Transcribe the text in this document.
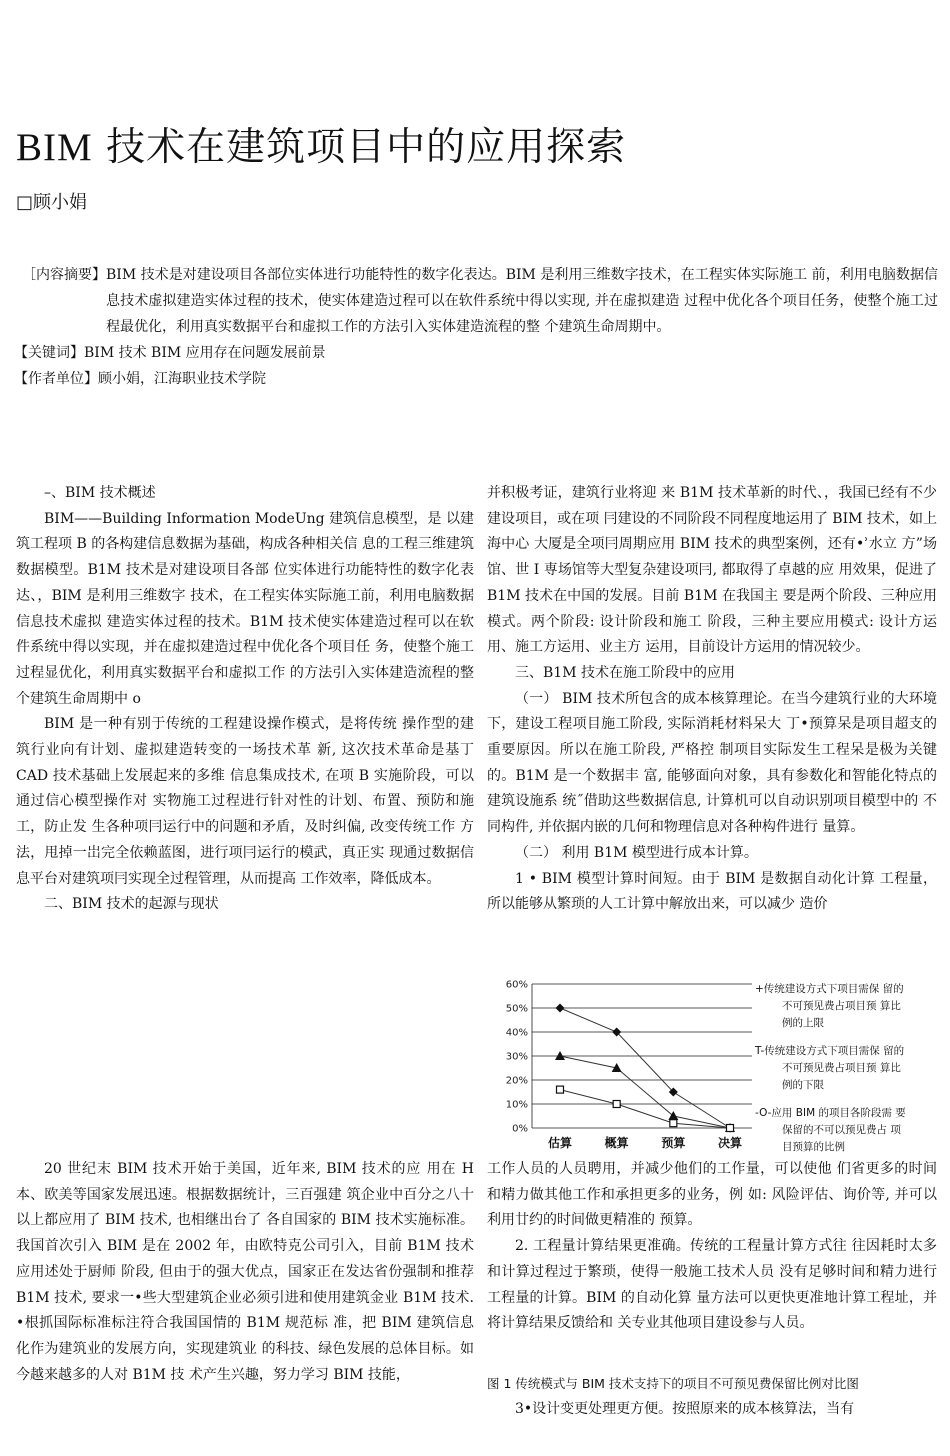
BIM 技术在建筑项目中的应用探索
□顾小娟
［内容摘要】 BIM 技术是对建设项目各部位实体进行功能特性的数字化表达。BIM 是利用三维数字技术，在工程实体实际施工 前，利用电脑数据信息技术虚拟建造实体过程的技术，使实体建造过程可以在软件系统中得以实现, 并在虚拟建造 过程中优化各个项目任务，使整个施工过程最优化，利用真实数据平台和虚拟工作的方法引入实体建造流程的整 个建筑生命周期中。
【关键词】 BIM 技术 BIM 应用存在问题发展前景
【作者单位】 顾小娟，江海职业技术学院

–、BIM 技术概述

BIM——Building Information ModeUng 建筑信息模型，是 以建筑工程项 B 的各构建信息数据为基础，构成各种相关信 息的工程三维建筑数据模型。B1M 技术是对建设项目各部 位实体进行功能特性的数字化表达、，BIM 是利用三维数字 技术，在工程实体实际施工前，利用电脑数据信息技术虚拟 建造实体过程的技术。B1M 技术使实体建造过程可以在软 件系统中得以实现，并在虚拟建造过程中优化各个项目任 务，使整个施工过程显优化，利用真实数据平台和虚拟工作 的方法引入实体建造流程的整个建筑生命周期中 o

BIM 是一种有别于传统的工程建设操作模式，是将传统 操作型的建筑行业向有计划、虚拟建造转变的一场技术革 新, 这次技术革命是基丁 CAD 技术基础上发展起来的多维 信息集成技术, 在项 B 实施阶段，可以通过信心模型操作对 实物施工过程进行针对性的计划、布置、预防和施工，防止发 生各种项冃运行中的问题和矛盾，及时纠偏, 改变传统工作 方法，甩掉一岀完全依赖蓝图，进行项冃运行的模武，真正实 现通过数据信息平台对建筑项冃实现全过程管理，从而提高 工作效率，降低成本。

二、BIM 技术的起源与现状

并积极考证，建筑行业将迎 来 B1M 技术革新的时代、，我国已经有不少建设项目，或在项 冃建设的不同阶段不同程度地运用了 BIM 技术，如上海中心 大厦是全项冃周期应用 BIM 技术的典型案例，还有•ʾ水立 方”场馆、世 I 専场馆等大型复杂建设项冃, 都取得了卓越的应 用效果，促进了 B1M 技术在中国的发展。目前 B1M 在我国主 要是两个阶段、三种应用模式。两个阶段: 设计阶段和施工 阶段，三种主要应用模式: 设计方运用、施工方运用、业主方 运用，目前设计方运用的情况较少。

三、B1M 技术在施工阶段中的应用

（一） BIM 技术所包含的成本核算理论。在当今建筑行业的大环境下，建设工程项目施工阶段, 实际消耗材料呆大 丁•预算呆是项目超支的重要原因。所以在施工阶段, 严格控 制项目实际发生工程呆是极为关键的。B1M 是一个数据丰 富, 能够面向对象，具有参数化和智能化特点的建筑设施系 统˝借助这些数据信息, 计算机可以自动识别项目模型中的 不同构件, 并依据内嵌的几何和物理信息对各种构件进行 量算。

（二） 利用 B1M 模型进行成本计算。

1 • BIM 模型计算时间短。由于 BIM 是数据自动化计算 工程量，所以能够从繁琐的人工计算中解放出来，可以减少 造价

0%
10%
20%
30%
40%
50%
60%
估算	概算	预算	决算
+传统建设方式下项目需保 留的
不可预见费占项目预 算比
例的上限
T-传统建设方式下项目需保 留的
不可预见费占项目预 算比
例的下限
-O-应用 BIM 的项目各阶段需 要
保留的不可以预见费占 项
目预算的比例

20 世纪末 BIM 技术开始于美国，近年来, BIM 技术的应 用在 H 本、欧美等国家发展迅速。根据数据统计，三百强建 筑企业中百分之八十以上都应用了 BIM 技术, 也相继出台了 各自国家的 BIM 技术实施标准。我国首次引入 BIM 是在 2002 年，由欧特克公司引入，目前 B1M 技术应用述处于厨师 阶段, 但由于的强大优点，国家正在发达省份强制和推荐 B1M 技术, 要求一•些大型建筑企业必须引进和使用建筑金业 B1M 技术. •根抓国际标准标注符合我国国情的 B1M 规范标 准，把 BIM 建筑信息化作为建筑业的发展方向，实现建筑业 的科技、绿色发展的总体目标。如今越来越多的人对 B1M 技 术产生兴趣，努力学习 BIM 技能，

工作人员的人员聘用，并减少他们的工作量，可以使他 们省更多的时间和精力做其他工作和承担更多的业务，例 如: 风险评估、询价等, 并可以利用廿约的时间做更精准的 预算。

2. 工程量计算结果更准确。传统的工程量计算方式往 往因耗时太多和计算过程过于繁琐，使得一般施工技术人员 没有足够时间和精力进行工程量的计算。BIM 的自动化算 量方法可以更快更准地计算工程址，并将计算结果反馈给和 关专业其他项目建设参与人员。

图 1 传统模式与 BIM 技术支持下的项目不可预见费保留比例对比图

3•设计变更处理更方便。按照原来的成本核算法，当有
